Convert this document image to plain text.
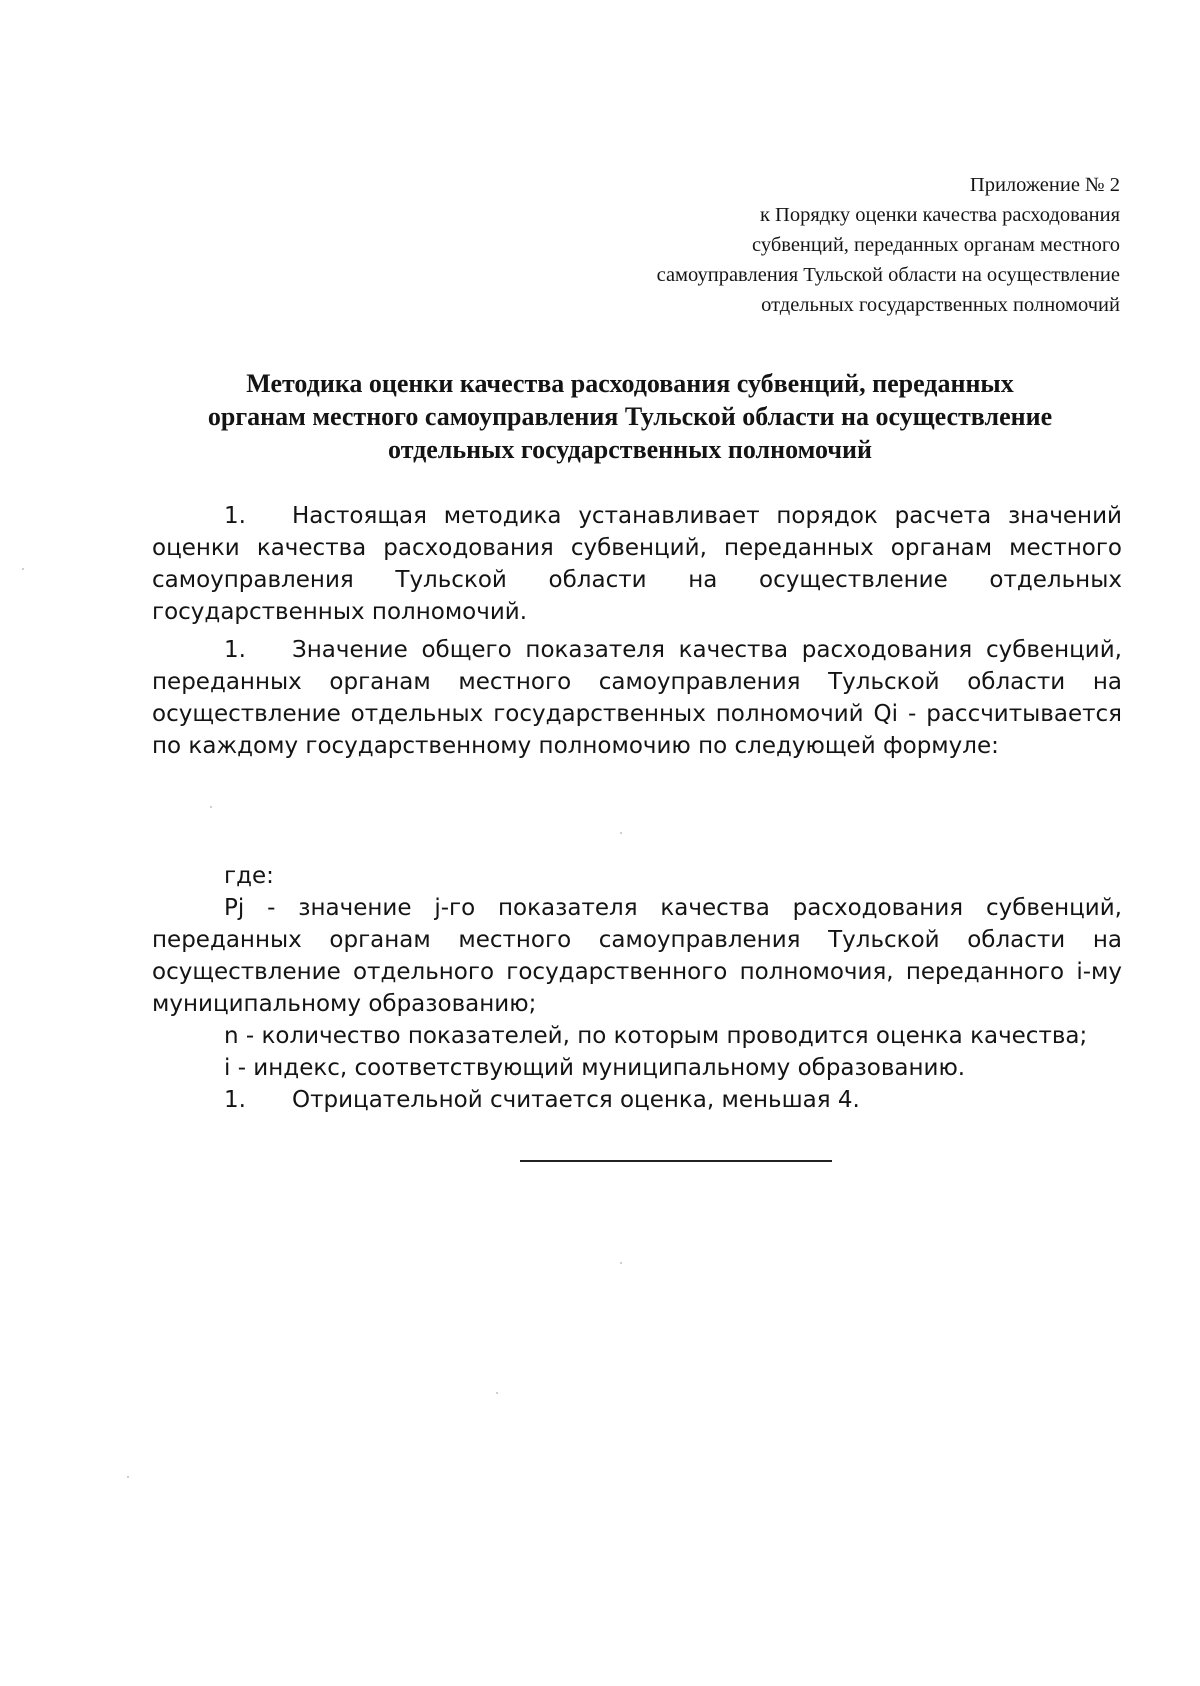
Приложение № 2
к Порядку оценки качества расходования
субвенций, переданных органам местного
самоуправления Тульской области на осуществление
отдельных государственных полномочий
Методика оценки качества расходования субвенций, переданных
органам местного самоуправления Тульской области на осуществление
отдельных государственных полномочий

1. Настоящая методика устанавливает порядок расчета значений оценки качества расходования субвенций, переданных органам местного самоуправления Тульской области на осуществление отдельных государственных полномочий.

1. Значение общего показателя качества расходования субвенций, переданных органам местного самоуправления Тульской области на осуществление отдельных государственных полномочий Qi - рассчитывается по каждому государственному полномочию по следующей формуле:

где:

Pj - значение j-го показателя качества расходования субвенций, переданных органам местного самоуправления Тульской области на осуществление отдельного государственного полномочия, переданного i-му муниципальному образованию;

n - количество показателей, по которым проводится оценка качества;
i - индекс, соответствующий муниципальному образованию.

1. Отрицательной считается оценка, меньшая 4.
